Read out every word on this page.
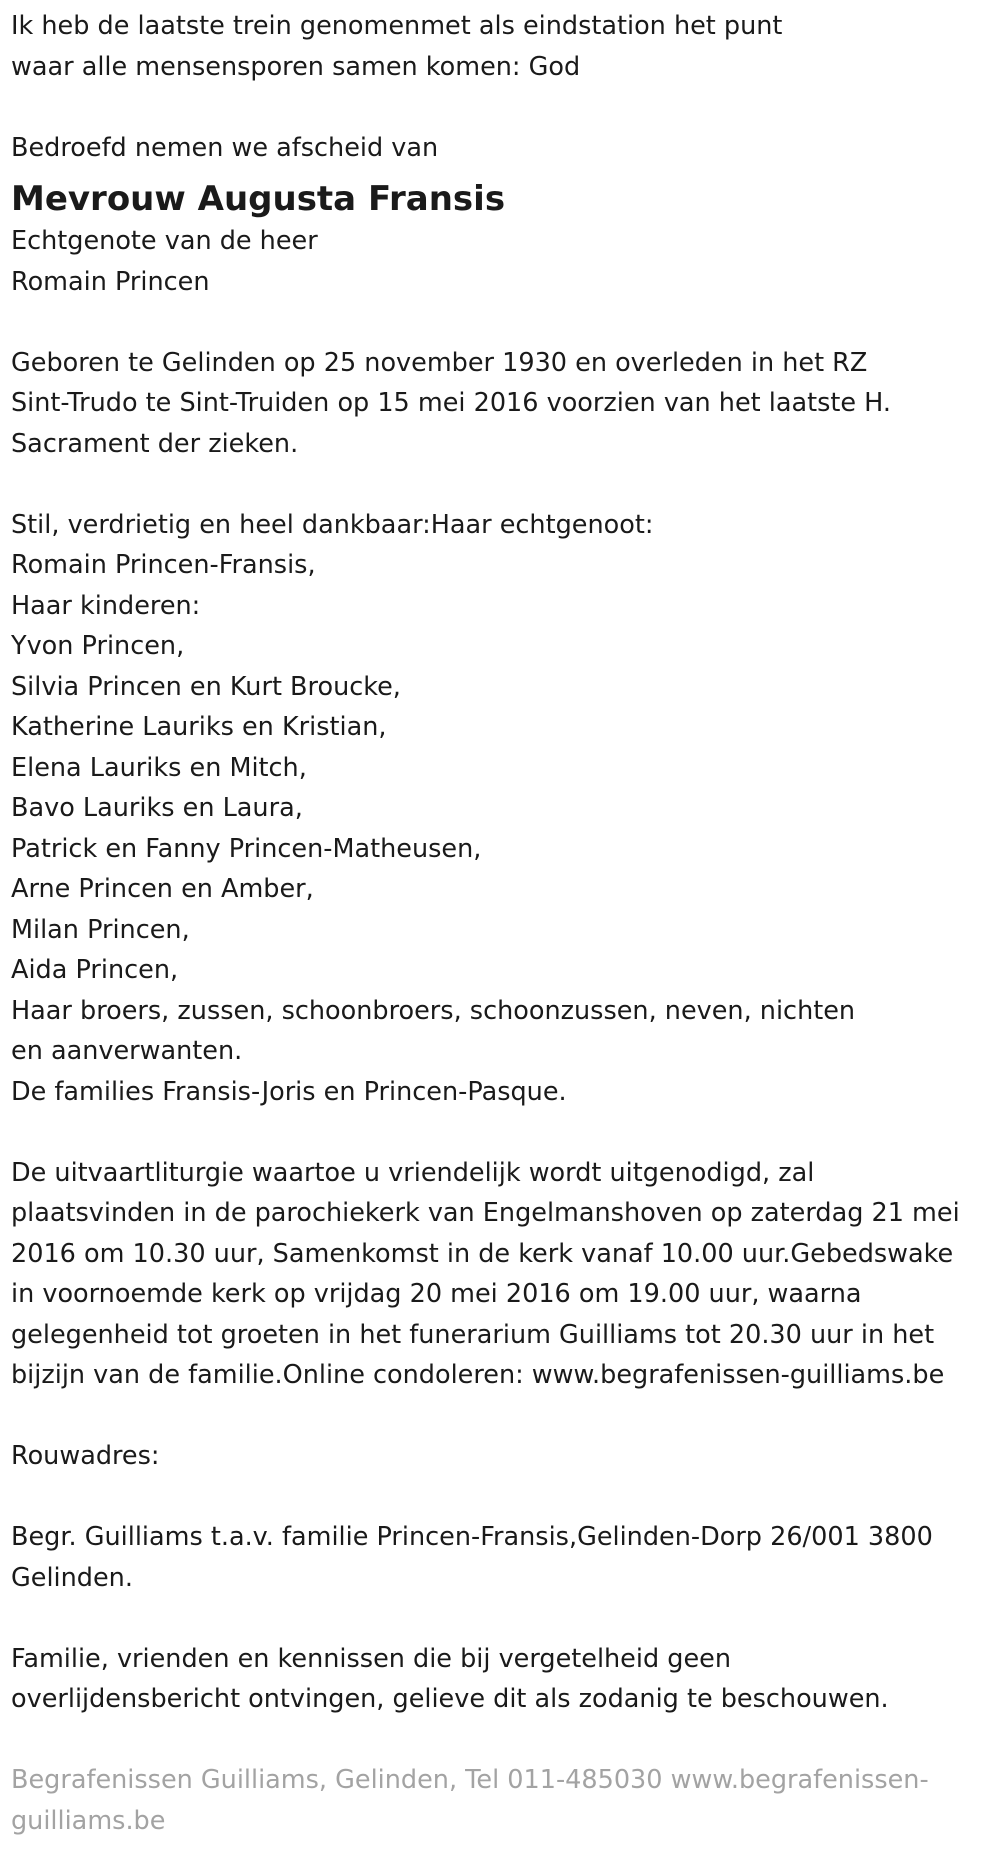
Ik heb de laatste trein genomenmet als eindstation het punt
waar alle mensensporen samen komen: God
Bedroefd nemen we afscheid van
Mevrouw Augusta Fransis
Echtgenote van de heer
Romain Princen
Geboren te Gelinden op 25 november 1930 en overleden in het RZ
Sint-Trudo te Sint-Truiden op 15 mei 2016 voorzien van het laatste H.
Sacrament der zieken.
Stil, verdrietig en heel dankbaar:Haar echtgenoot:
Romain Princen-Fransis,
Haar kinderen:
Yvon Princen,
Silvia Princen en Kurt Broucke,
Katherine Lauriks en Kristian,
Elena Lauriks en Mitch,
Bavo Lauriks en Laura,
Patrick en Fanny Princen-Matheusen,
Arne Princen en Amber,
Milan Princen,
Aida Princen,
Haar broers, zussen, schoonbroers, schoonzussen, neven, nichten
en aanverwanten.
De families Fransis-Joris en Princen-Pasque.
De uitvaartliturgie waartoe u vriendelijk wordt uitgenodigd, zal
plaatsvinden in de parochiekerk van Engelmanshoven op zaterdag 21 mei
2016 om 10.30 uur, Samenkomst in de kerk vanaf 10.00 uur.Gebedswake
in voornoemde kerk op vrijdag 20 mei 2016 om 19.00 uur, waarna
gelegenheid tot groeten in het funerarium Guilliams tot 20.30 uur in het
bijzijn van de familie.Online condoleren: www.begrafenissen-guilliams.be
Rouwadres:
Begr. Guilliams t.a.v. familie Princen-Fransis,Gelinden-Dorp 26/001 3800
Gelinden.
Familie, vrienden en kennissen die bij vergetelheid geen
overlijdensbericht ontvingen, gelieve dit als zodanig te beschouwen.
Begrafenissen Guilliams, Gelinden, Tel 011-485030 www.begrafenissen-
guilliams.be
